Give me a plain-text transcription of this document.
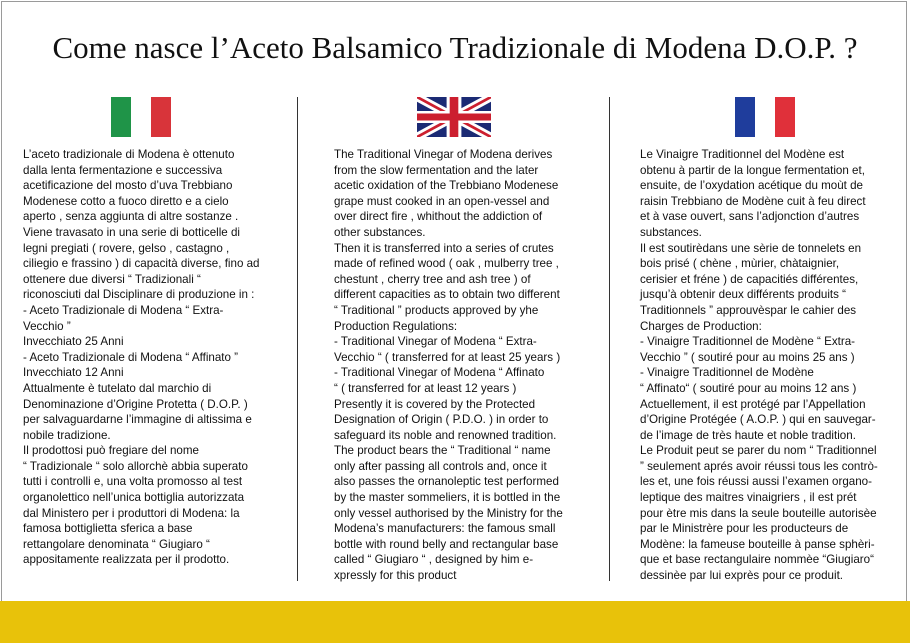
Come nasce l’Aceto Balsamico Tradizionale di Modena D.O.P. ?
L’aceto tradizionale di Modena è ottenuto
dalla lenta fermentazione e successiva
acetificazione del mosto d’uva Trebbiano
Modenese cotto a fuoco diretto e a cielo
aperto , senza aggiunta di altre sostanze .
Viene travasato in una serie di botticelle di
legni pregiati ( rovere, gelso , castagno ,
ciliegio e frassino ) di capacità diverse, fino ad
ottenere due diversi “ Tradizionali “
riconosciuti dal Disciplinare di produzione in :
- Aceto Tradizionale di Modena “ Extra-
Vecchio ”
Invecchiato 25 Anni
- Aceto Tradizionale di Modena “ Affinato ”
Invecchiato 12 Anni
Attualmente è tutelato dal marchio di
Denominazione d’Origine Protetta ( D.O.P. )
per salvaguardarne l’immagine di altissima e
nobile tradizione.
Il prodottosi può fregiare del nome
“ Tradizionale “ solo allorchè abbia superato
tutti i controlli e, una volta promosso al test
organolettico nell’unica bottiglia autorizzata
dal Ministero per i produttori di Modena: la
famosa bottiglietta sferica a base
rettangolare denominata “ Giugiaro “
appositamente realizzata per il prodotto.
The Traditional Vinegar of Modena derives
from the slow fermentation and the later
acetic oxidation of the Trebbiano Modenese
grape must cooked in an open-vessel and
over direct fire , whithout the addiction of
other substances.
Then it is transferred into a series of crutes
made of refined wood ( oak , mulberry tree ,
chestunt , cherry tree and ash tree ) of
different capacities as to obtain two different
“ Traditional ” products approved by yhe
Production Regulations:
- Traditional Vinegar of Modena “ Extra-
Vecchio “ ( transferred for at least 25 years )
- Traditional Vinegar of Modena “ Affinato
“ ( transferred for at least 12 years )
Presently it is covered by the Protected
Designation of Origin ( P.D.O. ) in order to
safeguard its noble and renowned tradition.
The product bears the “ Traditional “ name
only after passing all controls and, once it
also passes the ornanoleptic test performed
by the master sommeliers, it is bottled in the
only vessel authorised by the Ministry for the
Modena’s manufacturers: the famous small
bottle with round belly and rectangular base
called “ Giugiaro “ , designed by him e-
xpressly for this product
Le Vinaigre Traditionnel del Modène est
obtenu à partir de la longue fermentation et,
ensuite, de l’oxydation acétique du moùt de
raisin Trebbiano de Modène cuit à feu direct
et à vase ouvert, sans l’adjonction d’autres
substances.
Il est soutirèdans une sèrie de tonnelets en
bois prisé ( chène , mùrier, chàtaignier,
cerisier et fréne ) de capacitiés différentes,
jusqu’à obtenir deux différents produits “
Traditionnels ” approuvèspar le cahier des
Charges de Production:
- Vinaigre Traditionnel de Modène “ Extra-
Vecchio ” ( soutiré pour au moins 25 ans )
- Vinaigre Traditionnel de Modène
“ Affinato“ ( soutiré pour au moins 12 ans )
Actuellement, il est protégé par l’Appellation
d’Origine Protégée ( A.O.P. ) qui en sauvegar-
de l’image de très haute et noble tradition.
Le Produit peut se parer du nom “ Traditionnel
” seulement aprés avoir réussi tous les contrò-
les et, une fois réussi aussi l’examen organo-
leptique des maitres vinaigriers , il est prét
pour ètre mis dans la seule bouteille autorisèe
par le Ministrère pour les producteurs de
Modène: la fameuse bouteille à panse sphèri-
que et base rectangulaire nommèe “Giugiaro“
dessinèe par lui exprès pour ce produit.
